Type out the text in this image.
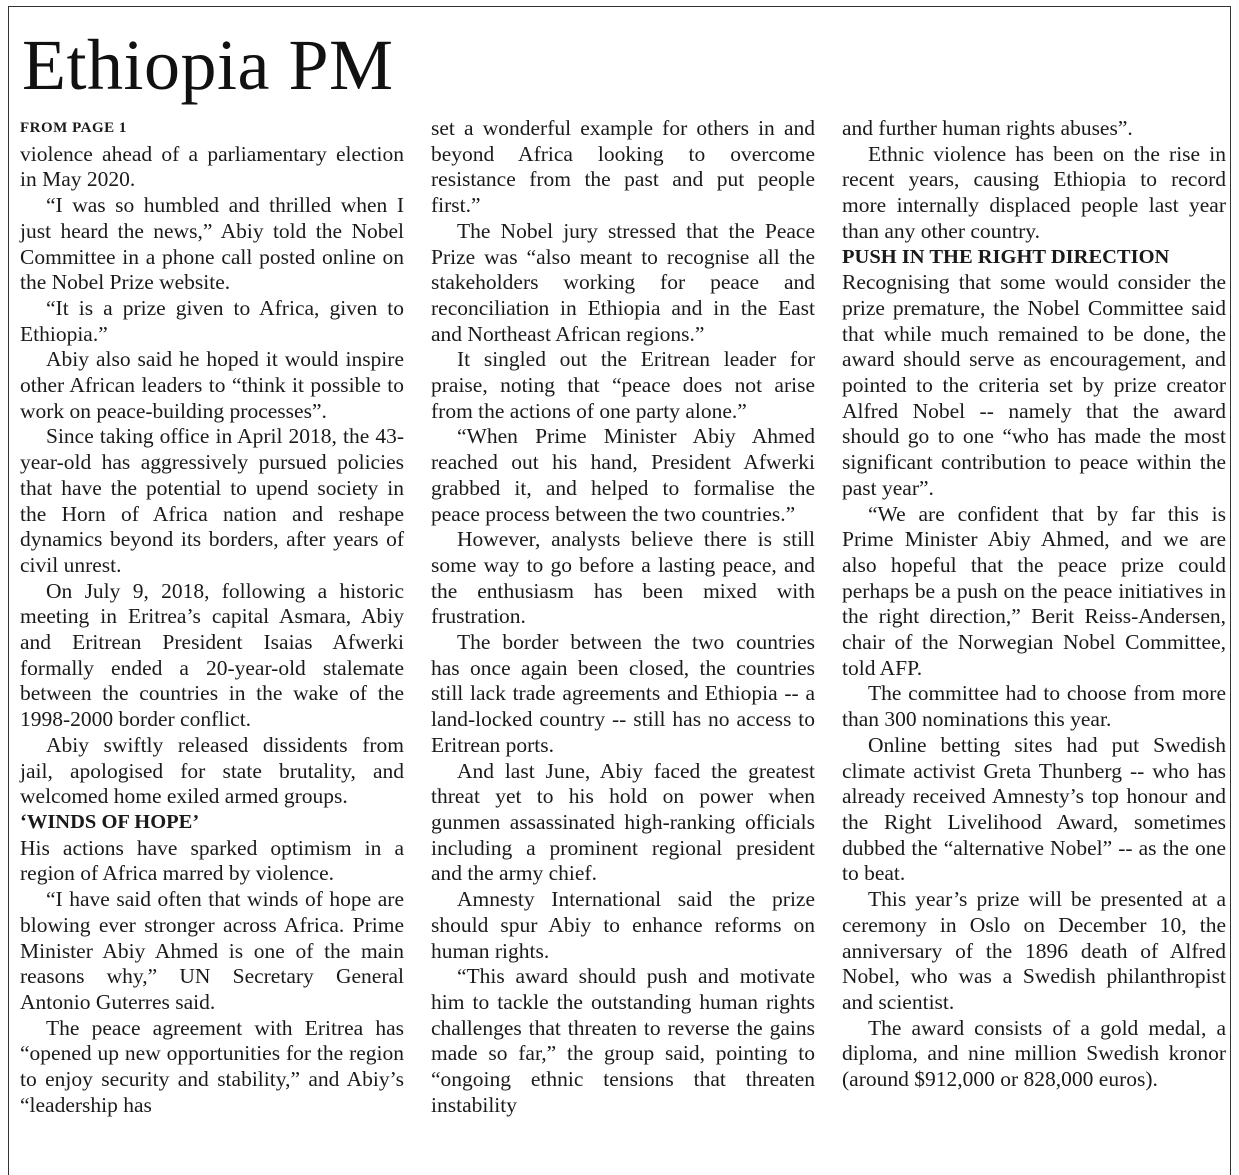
Ethiopia PM
FROM PAGE 1

violence ahead of a parliamentary election in May 2020.

“I was so humbled and thrilled when I just heard the news,” Abiy told the Nobel Committee in a phone call posted online on the Nobel Prize website.

“It is a prize given to Africa, given to Ethiopia.”

Abiy also said he hoped it would inspire other African leaders to “think it possible to work on peace-building processes”.

Since taking office in April 2018, the 43-year-old has aggressively pursued policies that have the potential to upend society in the Horn of Africa nation and reshape dynamics beyond its borders, after years of civil unrest.

On July 9, 2018, following a historic meeting in Eritrea’s capital Asmara, Abiy and Eritrean President Isaias Afwerki formally ended a 20-year-old stalemate between the countries in the wake of the 1998-2000 border conflict.

Abiy swiftly released dissidents from jail, apologised for state brutality, and welcomed home exiled armed groups.

‘WINDS OF HOPE’

His actions have sparked optimism in a region of Africa marred by violence.

“I have said often that winds of hope are blowing ever stronger across Africa. Prime Minister Abiy Ahmed is one of the main reasons why,” UN Secretary General Antonio Guterres said.

The peace agreement with Eritrea has “opened up new opportunities for the region to enjoy security and stability,” and Abiy’s “leadership has

set a wonderful example for others in and beyond Africa looking to overcome resistance from the past and put people first.”

The Nobel jury stressed that the Peace Prize was “also meant to recognise all the stakeholders working for peace and reconciliation in Ethiopia and in the East and Northeast African regions.”

It singled out the Eritrean leader for praise, noting that “peace does not arise from the actions of one party alone.”

“When Prime Minister Abiy Ahmed reached out his hand, President Afwerki grabbed it, and helped to formalise the peace process between the two countries.”

However, analysts believe there is still some way to go before a lasting peace, and the enthusiasm has been mixed with frustration.

The border between the two countries has once again been closed, the countries still lack trade agreements and Ethiopia -- a land-locked country -- still has no access to Eritrean ports.

And last June, Abiy faced the greatest threat yet to his hold on power when gunmen assassinated high-ranking officials including a prominent regional president and the army chief.

Amnesty International said the prize should spur Abiy to enhance reforms on human rights.

“This award should push and motivate him to tackle the outstanding human rights challenges that threaten to reverse the gains made so far,” the group said, pointing to “ongoing ethnic tensions that threaten instability

and further human rights abuses”.

Ethnic violence has been on the rise in recent years, causing Ethiopia to record more internally displaced people last year than any other country.

PUSH IN THE RIGHT DIRECTION

Recognising that some would consider the prize premature, the Nobel Committee said that while much remained to be done, the award should serve as encouragement, and pointed to the criteria set by prize creator Alfred Nobel -- namely that the award should go to one “who has made the most significant contribution to peace within the past year”.

“We are confident that by far this is Prime Minister Abiy Ahmed, and we are also hopeful that the peace prize could perhaps be a push on the peace initiatives in the right direction,” Berit Reiss-Andersen, chair of the Norwegian Nobel Committee, told AFP.

The committee had to choose from more than 300 nominations this year.

Online betting sites had put Swedish climate activist Greta Thunberg -- who has already received Amnesty’s top honour and the Right Livelihood Award, sometimes dubbed the “alternative Nobel” -- as the one to beat.

This year’s prize will be presented at a ceremony in Oslo on December 10, the anniversary of the 1896 death of Alfred Nobel, who was a Swedish philanthropist and scientist.

The award consists of a gold medal, a diploma, and nine million Swedish kronor (around $912,000 or 828,000 euros).
